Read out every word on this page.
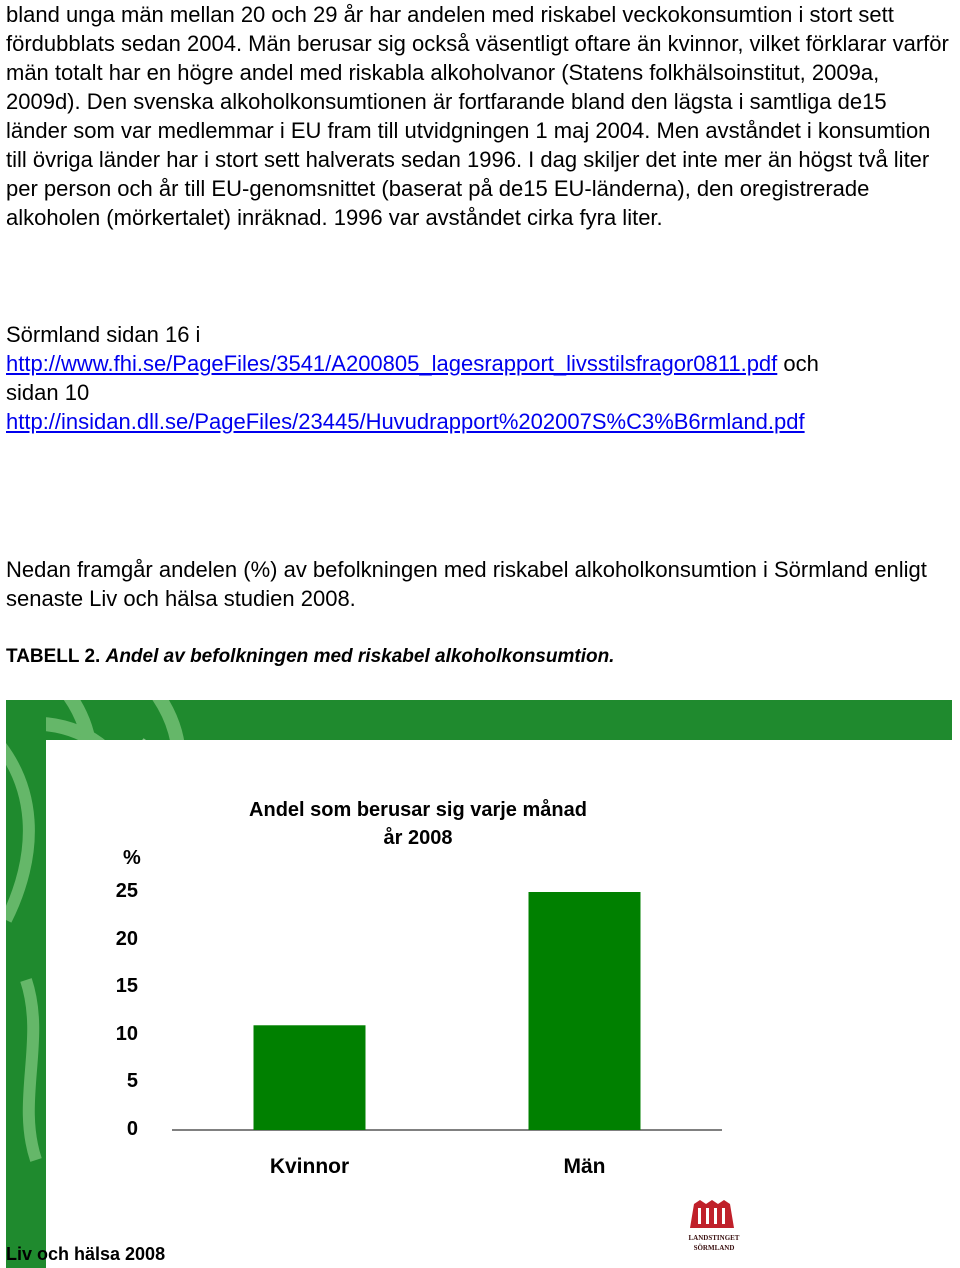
bland unga män mellan 20 och 29 år har andelen med riskabel veckokonsumtion i stort sett fördubblats sedan 2004. Män berusar sig också väsentligt oftare än kvinnor, vilket förklarar varför män totalt har en högre andel med riskabla alkoholvanor (Statens folkhälsoinstitut, 2009a, 2009d). Den svenska alkoholkonsumtionen är fortfarande bland den lägsta i samtliga de15 länder som var medlemmar i EU fram till utvidgningen 1 maj 2004. Men avståndet i konsumtion till övriga länder har i stort sett halverats sedan 1996. I dag skiljer det inte mer än högst två liter per person och år till EU-genomsnittet (baserat på de15 EU-länderna), den oregistrerade alkoholen (mörkertalet) inräknad. 1996 var avståndet cirka fyra liter.

Sörmland sidan 16 i
http://www.fhi.se/PageFiles/3541/A200805_lagesrapport_livsstilsfragor0811.pdf och
sidan 10
http://insidan.dll.se/PageFiles/23445/Huvudrapport%202007S%C3%B6rmland.pdf
Nedan framgår andelen (%) av befolkningen med riskabel alkoholkonsumtion i Sörmland enligt senaste Liv och hälsa studien 2008.
TABELL 2. Andel av befolkningen med riskabel alkoholkonsumtion.
Andel som berusar sig varje månad
år 2008
%
0
5
10
15
20
25
Kvinnor	Män
LANDSTINGET
SÖRMLAND
Liv och hälsa 2008
